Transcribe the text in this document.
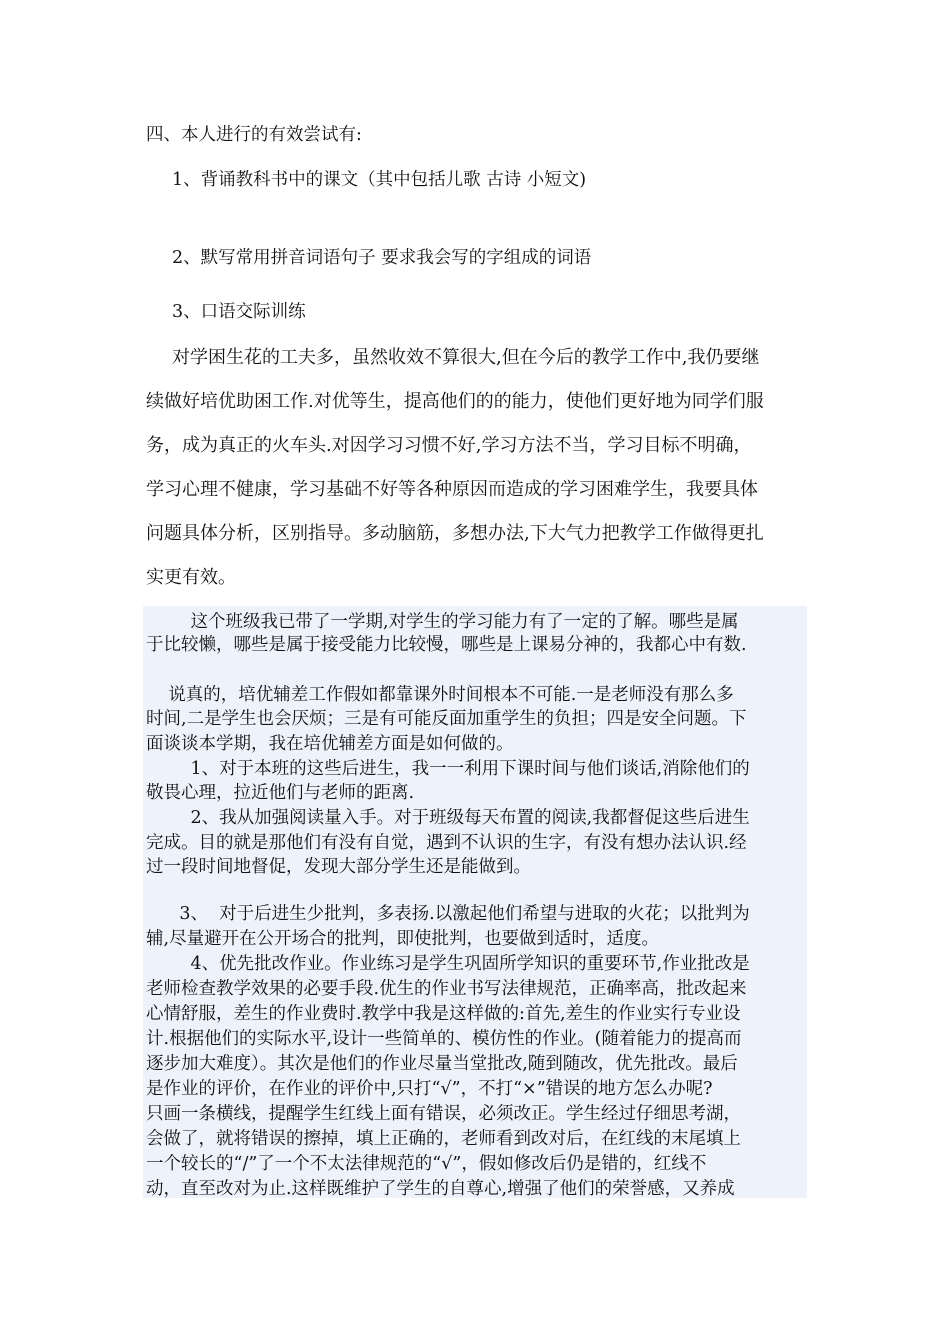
四、本人进行的有效尝试有:

1、背诵教科书中的课文（其中包括儿歌 古诗 小短文)

2、默写常用拼音词语句子 要求我会写的字组成的词语

3、口语交际训练

对学困生花的工夫多，虽然收效不算很大,但在今后的教学工作中,我仍要继

续做好培优助困工作.对优等生，提高他们的的能力，使他们更好地为同学们服

务，成为真正的火车头.对因学习习惯不好,学习方法不当，学习目标不明确，

学习心理不健康，学习基础不好等各种原因而造成的学习困难学生，我要具体

问题具体分析，区别指导。多动脑筋，多想办法,下大气力把教学工作做得更扎

实更有效。

这个班级我已带了一学期,对学生的学习能力有了一定的了解。哪些是属

于比较懒，哪些是属于接受能力比较慢，哪些是上课易分神的，我都心中有数.

说真的，培优辅差工作假如都靠课外时间根本不可能.一是老师没有那么多

时间,二是学生也会厌烦；三是有可能反面加重学生的负担；四是安全问题。下

面谈谈本学期，我在培优辅差方面是如何做的。

1、对于本班的这些后进生，我一一利用下课时间与他们谈话,消除他们的

敬畏心理，拉近他们与老师的距离.

2、我从加强阅读量入手。对于班级每天布置的阅读,我都督促这些后进生

完成。目的就是那他们有没有自觉，遇到不认识的生字，有没有想办法认识.经

过一段时间地督促，发现大部分学生还是能做到。

3、  对于后进生少批判，多表扬.以激起他们希望与进取的火花；以批判为

辅,尽量避开在公开场合的批判，即使批判，也要做到适时，适度。

4、优先批改作业。作业练习是学生巩固所学知识的重要环节,作业批改是

老师检查教学效果的必要手段.优生的作业书写法律规范，正确率高，批改起来

心情舒服，差生的作业费时.教学中我是这样做的:首先,差生的作业实行专业设

计.根据他们的实际水平,设计一些简单的、模仿性的作业。(随着能力的提高而

逐步加大难度）。其次是他们的作业尽量当堂批改,随到随改，优先批改。最后

是作业的评价，在作业的评价中,只打“√”，不打“×”错误的地方怎么办呢?

只画一条横线，提醒学生红线上面有错误，必须改正。学生经过仔细思考湖，

会做了，就将错误的擦掉，填上正确的，老师看到改对后，在红线的末尾填上

一个较长的“/”了一个不太法律规范的“√”，假如修改后仍是错的，红线不

动，直至改对为止.这样既维护了学生的自尊心,增强了他们的荣誉感，又养成
